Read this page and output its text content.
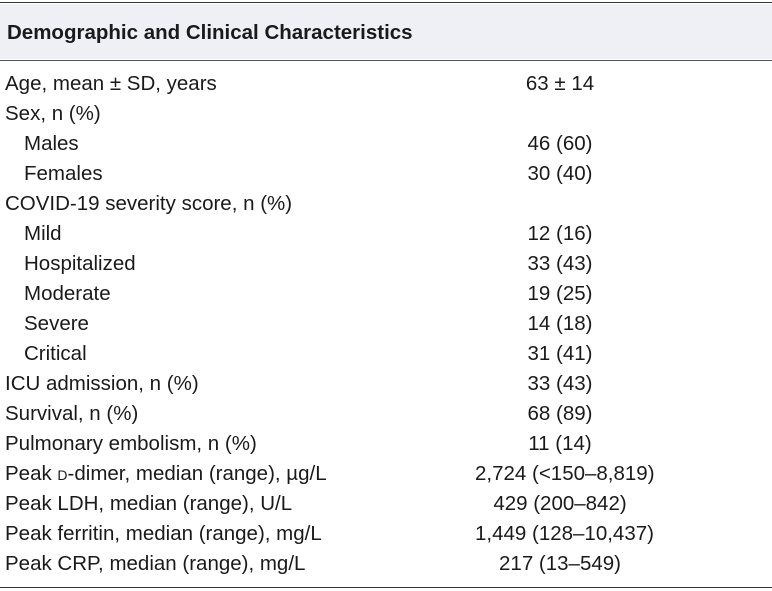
Demographic and Clinical Characteristics
Age, mean ± SD, years	63 ± 14
Sex, n (%)
Males	46 (60)
Females	30 (40)
COVID-19 severity score, n (%)
Mild	12 (16)
Hospitalized	33 (43)
Moderate	19 (25)
Severe	14 (18)
Critical	31 (41)
ICU admission, n (%)	33 (43)
Survival, n (%)	68 (89)
Pulmonary embolism, n (%)	11 (14)
Peak d-dimer, median (range), µg/L	2,724 (<150–8,819)
Peak LDH, median (range), U/L	429 (200–842)
Peak ferritin, median (range), mg/L	1,449 (128–10,437)
Peak CRP, median (range), mg/L	217 (13–549)
